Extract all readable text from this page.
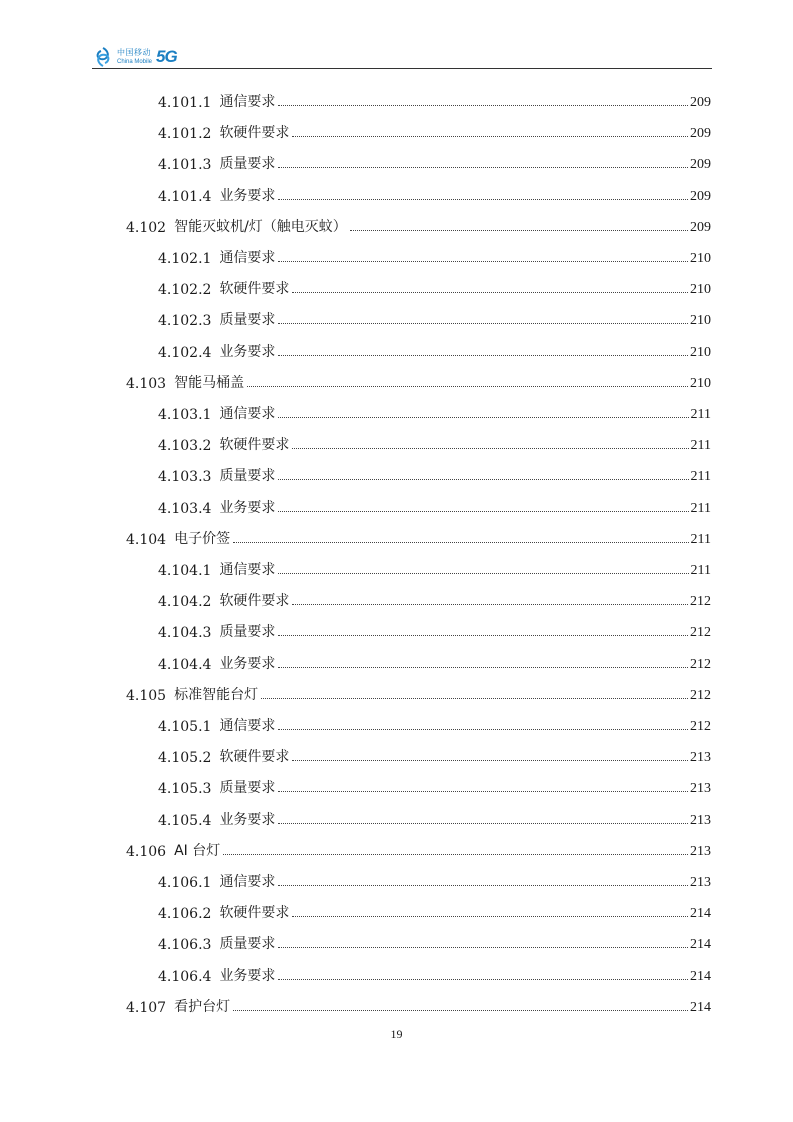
中国移动
China Mobile 5G
4.101.1 通信要求	209
4.101.2 软硬件要求	209
4.101.3 质量要求	209
4.101.4 业务要求	209
4.102 智能灭蚊机/灯（触电灭蚊）	209
4.102.1 通信要求	210
4.102.2 软硬件要求	210
4.102.3 质量要求	210
4.102.4 业务要求	210
4.103 智能马桶盖	210
4.103.1 通信要求	211
4.103.2 软硬件要求	211
4.103.3 质量要求	211
4.103.4 业务要求	211
4.104 电子价签	211
4.104.1 通信要求	211
4.104.2 软硬件要求	212
4.104.3 质量要求	212
4.104.4 业务要求	212
4.105 标准智能台灯	212
4.105.1 通信要求	212
4.105.2 软硬件要求	213
4.105.3 质量要求	213
4.105.4 业务要求	213
4.106 AI 台灯	213
4.106.1 通信要求	213
4.106.2 软硬件要求	214
4.106.3 质量要求	214
4.106.4 业务要求	214
4.107 看护台灯	214
19
